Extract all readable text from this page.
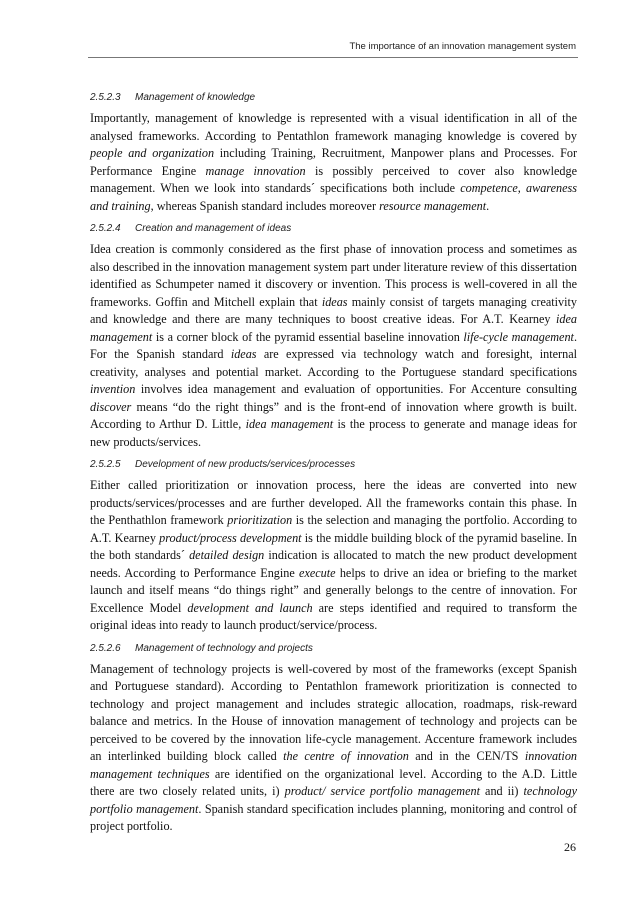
The importance of an innovation management system
2.5.2.3 Management of knowledge

Importantly, management of knowledge is represented with a visual identification in all of the analysed frameworks. According to Pentathlon framework managing knowledge is covered by people and organization including Training, Recruitment, Manpower plans and Processes. For Performance Engine manage innovation is possibly perceived to cover also knowledge management. When we look into standards´ specifications both include competence, awareness and training, whereas Spanish standard includes moreover resource management.

2.5.2.4 Creation and management of ideas

Idea creation is commonly considered as the first phase of innovation process and sometimes as also described in the innovation management system part under literature review of this dissertation identified as Schumpeter named it discovery or invention. This process is well-covered in all the frameworks. Goffin and Mitchell explain that ideas mainly consist of targets managing creativity and knowledge and there are many techniques to boost creative ideas. For A.T. Kearney idea management is a corner block of the pyramid essential baseline innovation life-cycle management. For the Spanish standard ideas are expressed via technology watch and foresight, internal creativity, analyses and potential market. According to the Portuguese standard specifications invention involves idea management and evaluation of opportunities. For Accenture consulting discover means “do the right things” and is the front-end of innovation where growth is built. According to Arthur D. Little, idea management is the process to generate and manage ideas for new products/services.

2.5.2.5 Development of new products/services/processes

Either called prioritization or innovation process, here the ideas are converted into new products/services/processes and are further developed. All the frameworks contain this phase. In the Penthathlon framework prioritization is the selection and managing the portfolio. According to A.T. Kearney product/process development is the middle building block of the pyramid baseline. In the both standards´ detailed design indication is allocated to match the new product development needs. According to Performance Engine execute helps to drive an idea or briefing to the market launch and itself means “do things right” and generally belongs to the centre of innovation. For Excellence Model development and launch are steps identified and required to transform the original ideas into ready to launch product/service/process.

2.5.2.6 Management of technology and projects

Management of technology projects is well-covered by most of the frameworks (except Spanish and Portuguese standard). According to Pentathlon framework prioritization is connected to technology and project management and includes strategic allocation, roadmaps, risk-reward balance and metrics. In the House of innovation management of technology and projects can be perceived to be covered by the innovation life-cycle management. Accenture framework includes an interlinked building block called the centre of innovation and in the CEN/TS innovation management techniques are identified on the organizational level. According to the A.D. Little there are two closely related units, i) product/ service portfolio management and ii) technology portfolio management. Spanish standard specification includes planning, monitoring and control of project portfolio.

26
